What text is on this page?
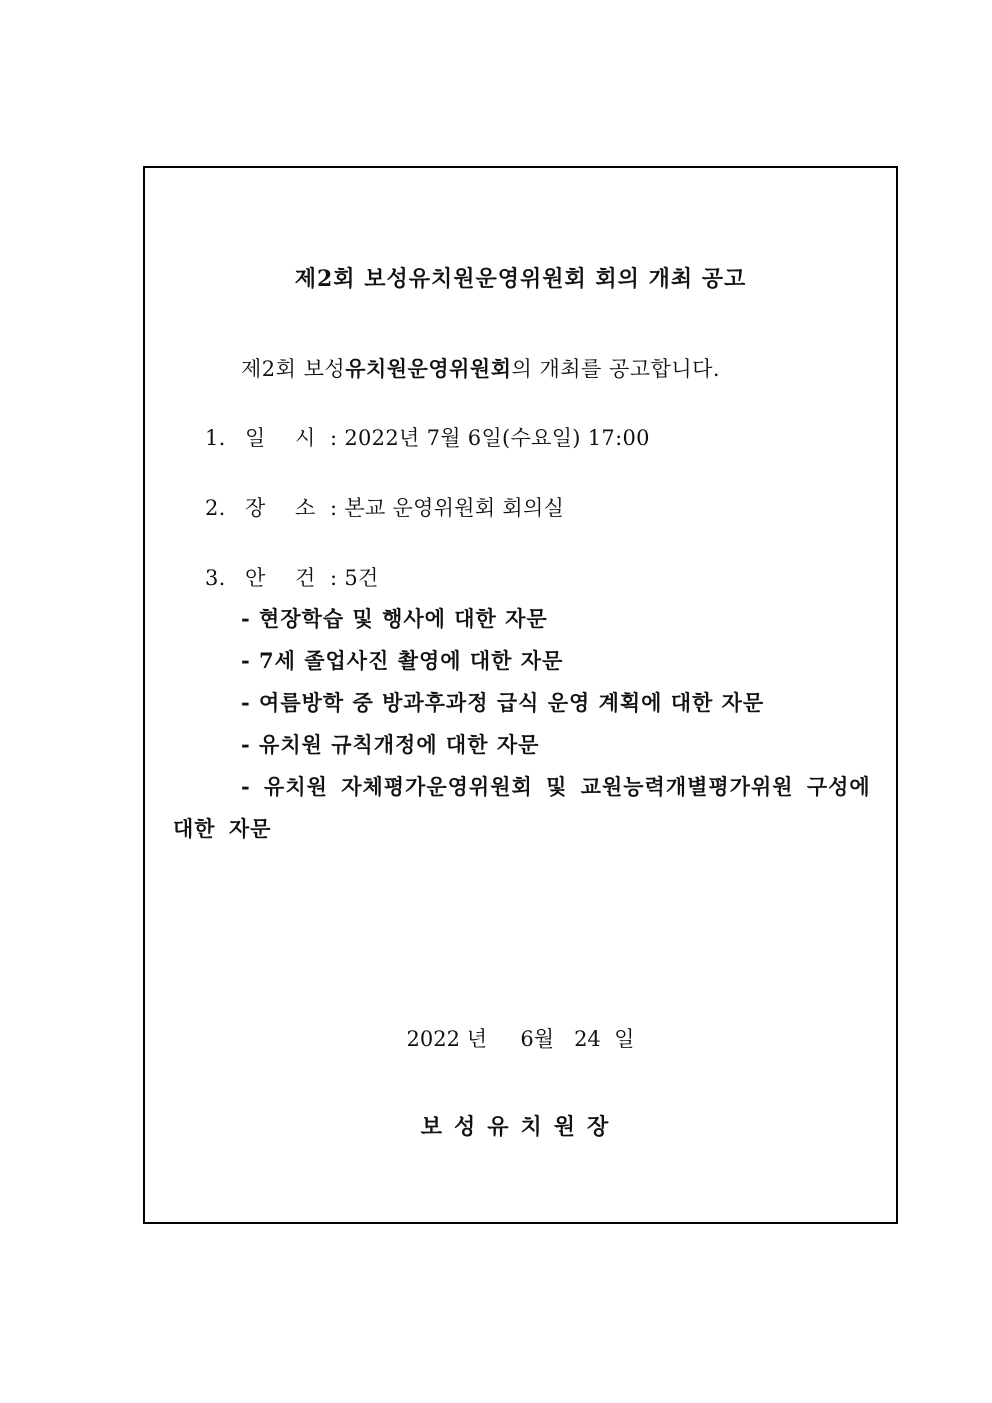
제2회 보성유치원운영위원회 회의 개최 공고
제2회 보성유치원운영위원회의 개최를 공고합니다.
1. 일 시 : 2022년 7월 6일(수요일) 17:00
2. 장 소 : 본교 운영위원회 회의실
3. 안 건 : 5건
- 현장학습 및 행사에 대한 자문
- 7세 졸업사진 촬영에 대한 자문
- 여름방학 중 방과후과정 급식 운영 계획에 대한 자문
- 유치원 규칙개정에 대한 자문
- 유치원 자체평가운영위원회 및 교원능력개별평가위원 구성에 대한 자문
2022 년 6월 24 일
보성유치원장
